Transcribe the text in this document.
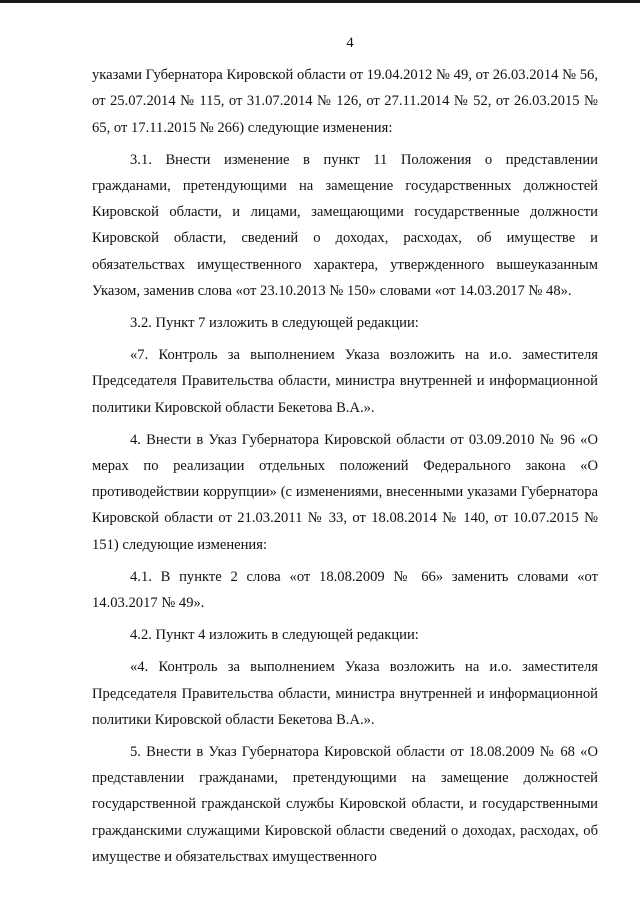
4

указами Губернатора Кировской области от 19.04.2012 № 49, от 26.03.2014 № 56, от 25.07.2014 № 115, от 31.07.2014 № 126, от 27.11.2014 № 52, от 26.03.2015 № 65, от 17.11.2015 № 266) следующие изменения:

3.1. Внести изменение в пункт 11 Положения о представлении гражданами, претендующими на замещение государственных должностей Кировской области, и лицами, замещающими государственные должности Кировской области, сведений о доходах, расходах, об имуществе и обязательствах имущественного характера, утвержденного вышеуказанным Указом, заменив слова «от 23.10.2013 № 150» словами «от 14.03.2017 № 48».

3.2. Пункт 7 изложить в следующей редакции:

«7. Контроль за выполнением Указа возложить на и.о. заместителя Председателя Правительства области, министра внутренней и информационной политики Кировской области Бекетова В.А.».

4. Внести в Указ Губернатора Кировской области от 03.09.2010 № 96 «О мерах по реализации отдельных положений Федерального закона «О противодействии коррупции» (с изменениями, внесенными указами Губернатора Кировской области от 21.03.2011 № 33, от 18.08.2014 № 140, от 10.07.2015 № 151) следующие изменения:

4.1. В пункте 2 слова «от 18.08.2009 № 66» заменить словами «от 14.03.2017 № 49».

4.2. Пункт 4 изложить в следующей редакции:

«4. Контроль за выполнением Указа возложить на и.о. заместителя Председателя Правительства области, министра внутренней и информационной политики Кировской области Бекетова В.А.».

5. Внести в Указ Губернатора Кировской области от 18.08.2009 № 68 «О представлении гражданами, претендующими на замещение должностей государственной гражданской службы Кировской области, и государственными гражданскими служащими Кировской области сведений о доходах, расходах, об имуществе и обязательствах имущественного
